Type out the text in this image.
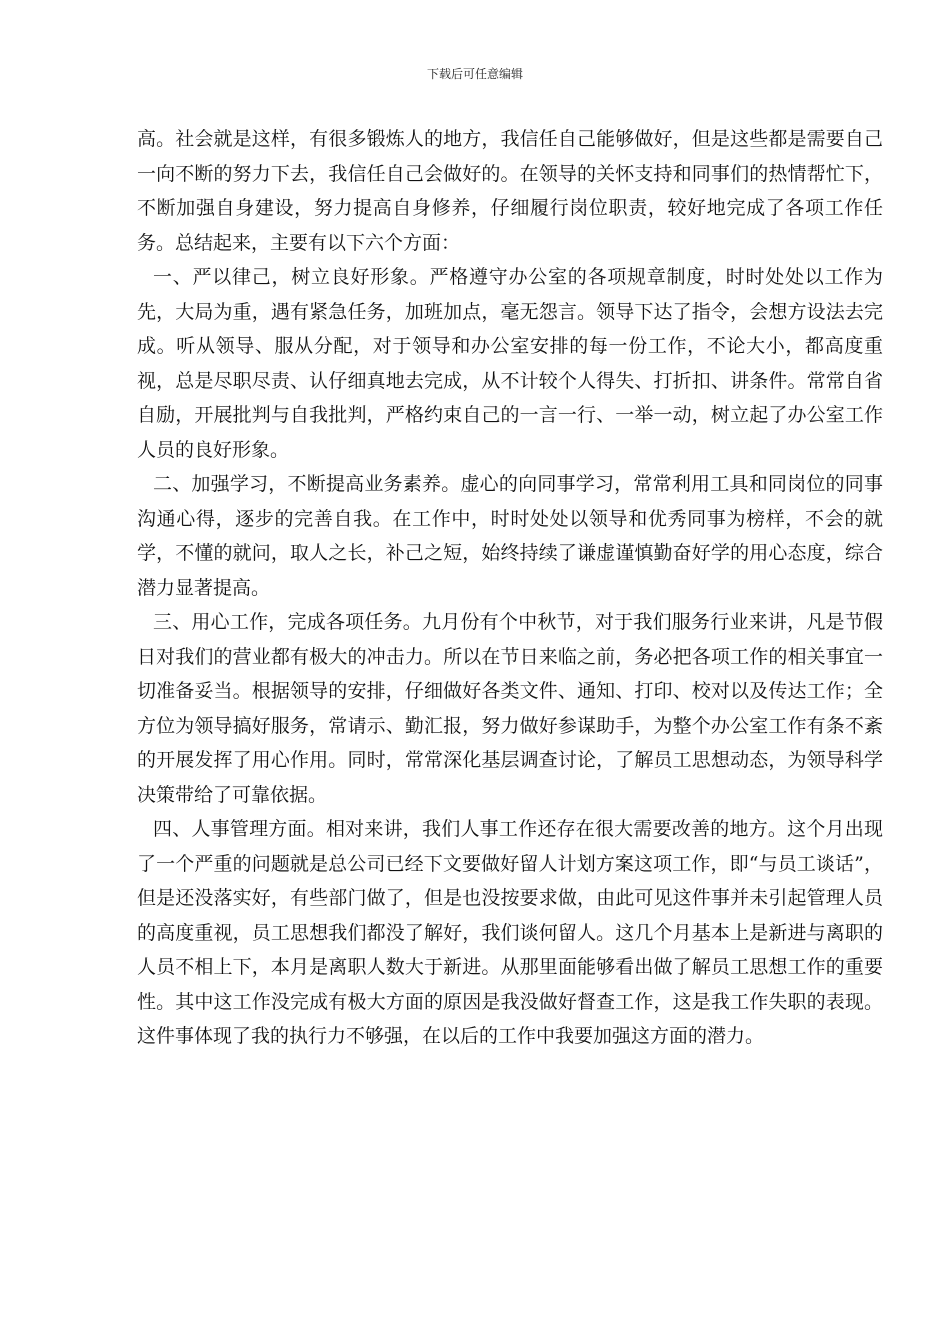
下载后可任意编辑

高。社会就是这样，有很多锻炼人的地方，我信任自己能够做好，但是这些都是需要自己一向不断的努力下去，我信任自己会做好的。在领导的关怀支持和同事们的热情帮忙下，不断加强自身建设，努力提高自身修养，仔细履行岗位职责，较好地完成了各项工作任务。总结起来，主要有以下六个方面：

一、严以律己，树立良好形象。严格遵守办公室的各项规章制度，时时处处以工作为先，大局为重，遇有紧急任务，加班加点，毫无怨言。领导下达了指令，会想方设法去完成。听从领导、服从分配，对于领导和办公室安排的每一份工作，不论大小，都高度重视，总是尽职尽责、认仔细真地去完成，从不计较个人得失、打折扣、讲条件。常常自省自励，开展批判与自我批判，严格约束自己的一言一行、一举一动，树立起了办公室工作人员的良好形象。

二、加强学习，不断提高业务素养。虚心的向同事学习，常常利用工具和同岗位的同事沟通心得，逐步的完善自我。在工作中，时时处处以领导和优秀同事为榜样，不会的就学，不懂的就问，取人之长，补己之短，始终持续了谦虚谨慎勤奋好学的用心态度，综合潜力显著提高。

三、用心工作，完成各项任务。九月份有个中秋节，对于我们服务行业来讲，凡是节假日对我们的营业都有极大的冲击力。所以在节日来临之前，务必把各项工作的相关事宜一切准备妥当。根据领导的安排，仔细做好各类文件、通知、打印、校对以及传达工作；全方位为领导搞好服务，常请示、勤汇报，努力做好参谋助手，为整个办公室工作有条不紊的开展发挥了用心作用。同时，常常深化基层调查讨论，了解员工思想动态，为领导科学决策带给了可靠依据。

四、人事管理方面。相对来讲，我们人事工作还存在很大需要改善的地方。这个月出现了一个严重的问题就是总公司已经下文要做好留人计划方案这项工作，即“与员工谈话”，但是还没落实好，有些部门做了，但是也没按要求做，由此可见这件事并未引起管理人员的高度重视，员工思想我们都没了解好，我们谈何留人。这几个月基本上是新进与离职的人员不相上下，本月是离职人数大于新进。从那里面能够看出做了解员工思想工作的重要性。其中这工作没完成有极大方面的原因是我没做好督查工作，这是我工作失职的表现。这件事体现了我的执行力不够强，在以后的工作中我要加强这方面的潜力。
